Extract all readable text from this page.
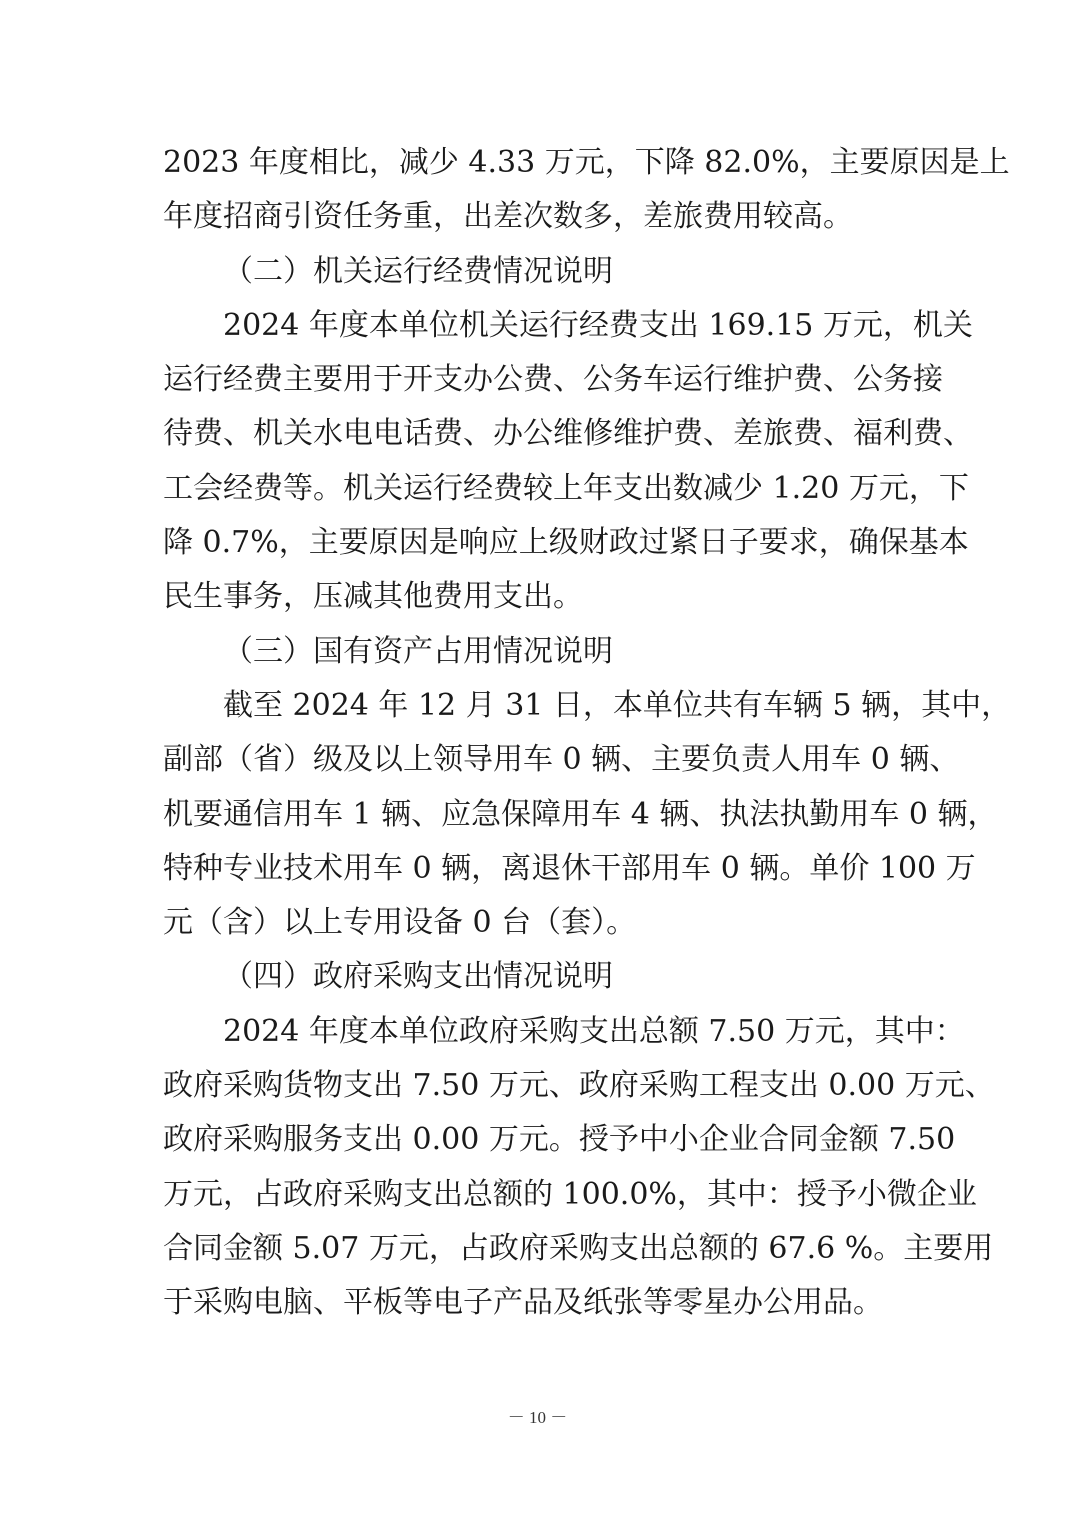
2023 年度相比，减少 4.33 万元，下降 82.0%，主要原因是上
年度招商引资任务重，出差次数多，差旅费用较高。
（二）机关运行经费情况说明
2024 年度本单位机关运行经费支出 169.15 万元，机关
运行经费主要用于开支办公费、公务车运行维护费、公务接
待费、机关水电电话费、办公维修维护费、差旅费、福利费、
工会经费等。机关运行经费较上年支出数减少 1.20 万元，下
降 0.7%，主要原因是响应上级财政过紧日子要求，确保基本
民生事务，压减其他费用支出。
（三）国有资产占用情况说明
截至 2024 年 12 月 31 日，本单位共有车辆 5 辆，其中，
副部（省）级及以上领导用车 0 辆、主要负责人用车 0 辆、
机要通信用车 1 辆、应急保障用车 4 辆、执法执勤用车 0 辆，
特种专业技术用车 0 辆，离退休干部用车 0 辆。单价 100 万
元（含）以上专用设备 0 台（套）。
（四）政府采购支出情况说明
2024 年度本单位政府采购支出总额 7.50 万元，其中：
政府采购货物支出 7.50 万元、政府采购工程支出 0.00 万元、
政府采购服务支出 0.00 万元。授予中小企业合同金额 7.50
万元，占政府采购支出总额的 100.0%，其中：授予小微企业
合同金额 5.07 万元，占政府采购支出总额的 67.6 %。主要用
于采购电脑、平板等电子产品及纸张等零星办公用品。
－ 10 －
